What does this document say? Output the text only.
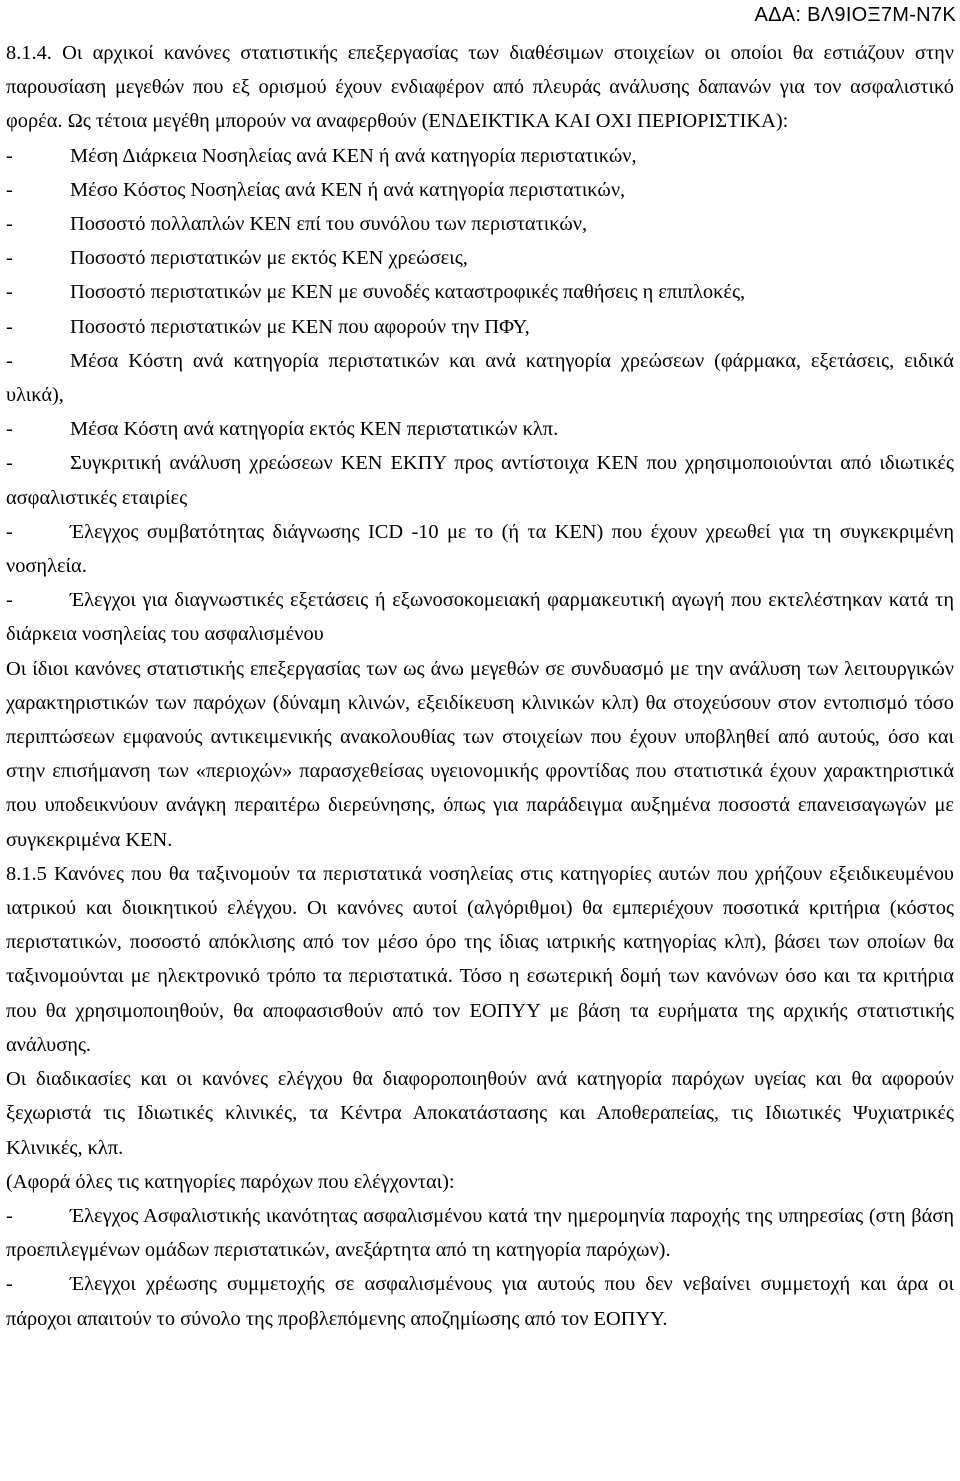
ΑΔΑ: ΒΛ9ΙΟΞ7Μ-Ν7Κ

8.1.4. Οι αρχικοί κανόνες στατιστικής επεξεργασίας των διαθέσιμων στοιχείων οι οποίοι θα εστιάζουν στην παρουσίαση μεγεθών που εξ ορισμού έχουν ενδιαφέρον από πλευράς ανάλυσης δαπανών για τον ασφαλιστικό φορέα. Ως τέτοια μεγέθη μπορούν να αναφερθούν (ΕΝΔΕΙΚΤΙΚΑ ΚΑΙ ΟΧΙ ΠΕΡΙΟΡΙΣΤΙΚΑ):

-	Μέση Διάρκεια Νοσηλείας ανά ΚΕΝ ή ανά κατηγορία περιστατικών,

-	Μέσο Κόστος Νοσηλείας ανά ΚΕΝ ή ανά κατηγορία περιστατικών,

-	Ποσοστό πολλαπλών ΚΕΝ επί του συνόλου των περιστατικών,

-	Ποσοστό περιστατικών με εκτός ΚΕΝ χρεώσεις,

-	Ποσοστό περιστατικών με ΚΕΝ με συνοδές καταστροφικές παθήσεις η επιπλοκές,

-	Ποσοστό περιστατικών με ΚΕΝ που αφορούν την ΠΦΥ,

-	Μέσα Κόστη ανά κατηγορία περιστατικών και ανά κατηγορία χρεώσεων (φάρμακα, εξετάσεις, ειδικά υλικά),

-	Μέσα Κόστη ανά κατηγορία εκτός ΚΕΝ περιστατικών κλπ.

-	Συγκριτική ανάλυση χρεώσεων ΚΕΝ ΕΚΠΥ προς αντίστοιχα ΚΕΝ που χρησιμοποιούνται από ιδιωτικές ασφαλιστικές εταιρίες

-	Έλεγχος συμβατότητας διάγνωσης ICD -10 με το (ή τα ΚΕΝ) που έχουν χρεωθεί για τη συγκεκριμένη νοσηλεία.

-	Έλεγχοι για διαγνωστικές εξετάσεις ή εξωνοσοκομειακή φαρμακευτική αγωγή που εκτελέστηκαν κατά τη διάρκεια νοσηλείας του ασφαλισμένου

Οι ίδιοι κανόνες στατιστικής επεξεργασίας των ως άνω μεγεθών σε συνδυασμό με την ανάλυση των λειτουργικών χαρακτηριστικών των παρόχων (δύναμη κλινών, εξειδίκευση κλινικών κλπ) θα στοχεύσουν στον εντοπισμό τόσο περιπτώσεων εμφανούς αντικειμενικής ανακολουθίας των στοιχείων που έχουν υποβληθεί από αυτούς, όσο και στην επισήμανση των «περιοχών» παρασχεθείσας υγειονομικής φροντίδας που στατιστικά έχουν χαρακτηριστικά που υποδεικνύουν ανάγκη περαιτέρω διερεύνησης, όπως για παράδειγμα αυξημένα ποσοστά επανεισαγωγών με συγκεκριμένα ΚΕΝ.

8.1.5 Κανόνες που θα ταξινομούν τα περιστατικά νοσηλείας στις κατηγορίες αυτών που χρήζουν εξειδικευμένου ιατρικού και διοικητικού ελέγχου. Οι κανόνες αυτοί (αλγόριθμοι) θα εμπεριέχουν ποσοτικά κριτήρια (κόστος περιστατικών, ποσοστό απόκλισης από τον μέσο όρο της ίδιας ιατρικής κατηγορίας κλπ), βάσει των οποίων θα ταξινομούνται με ηλεκτρονικό τρόπο τα περιστατικά. Τόσο η εσωτερική δομή των κανόνων όσο και τα κριτήρια που θα χρησιμοποιηθούν, θα αποφασισθούν από τον ΕΟΠΥΥ με βάση τα ευρήματα της αρχικής στατιστικής ανάλυσης.

Οι διαδικασίες και οι κανόνες ελέγχου θα διαφοροποιηθούν ανά κατηγορία παρόχων υγείας και θα αφορούν ξεχωριστά τις Ιδιωτικές κλινικές, τα Κέντρα Αποκατάστασης και Αποθεραπείας, τις Ιδιωτικές Ψυχιατρικές Κλινικές, κλπ.

(Αφορά όλες τις κατηγορίες παρόχων που ελέγχονται):

-	Έλεγχος Ασφαλιστικής ικανότητας ασφαλισμένου κατά την ημερομηνία παροχής της υπηρεσίας (στη βάση προεπιλεγμένων ομάδων περιστατικών, ανεξάρτητα από τη κατηγορία παρόχων).

-	Έλεγχοι χρέωσης συμμετοχής σε ασφαλισμένους για αυτούς που δεν νεβαίνει συμμετοχή και άρα οι πάροχοι απαιτούν το σύνολο της προβλεπόμενης αποζημίωσης από τον ΕΟΠΥΥ.
